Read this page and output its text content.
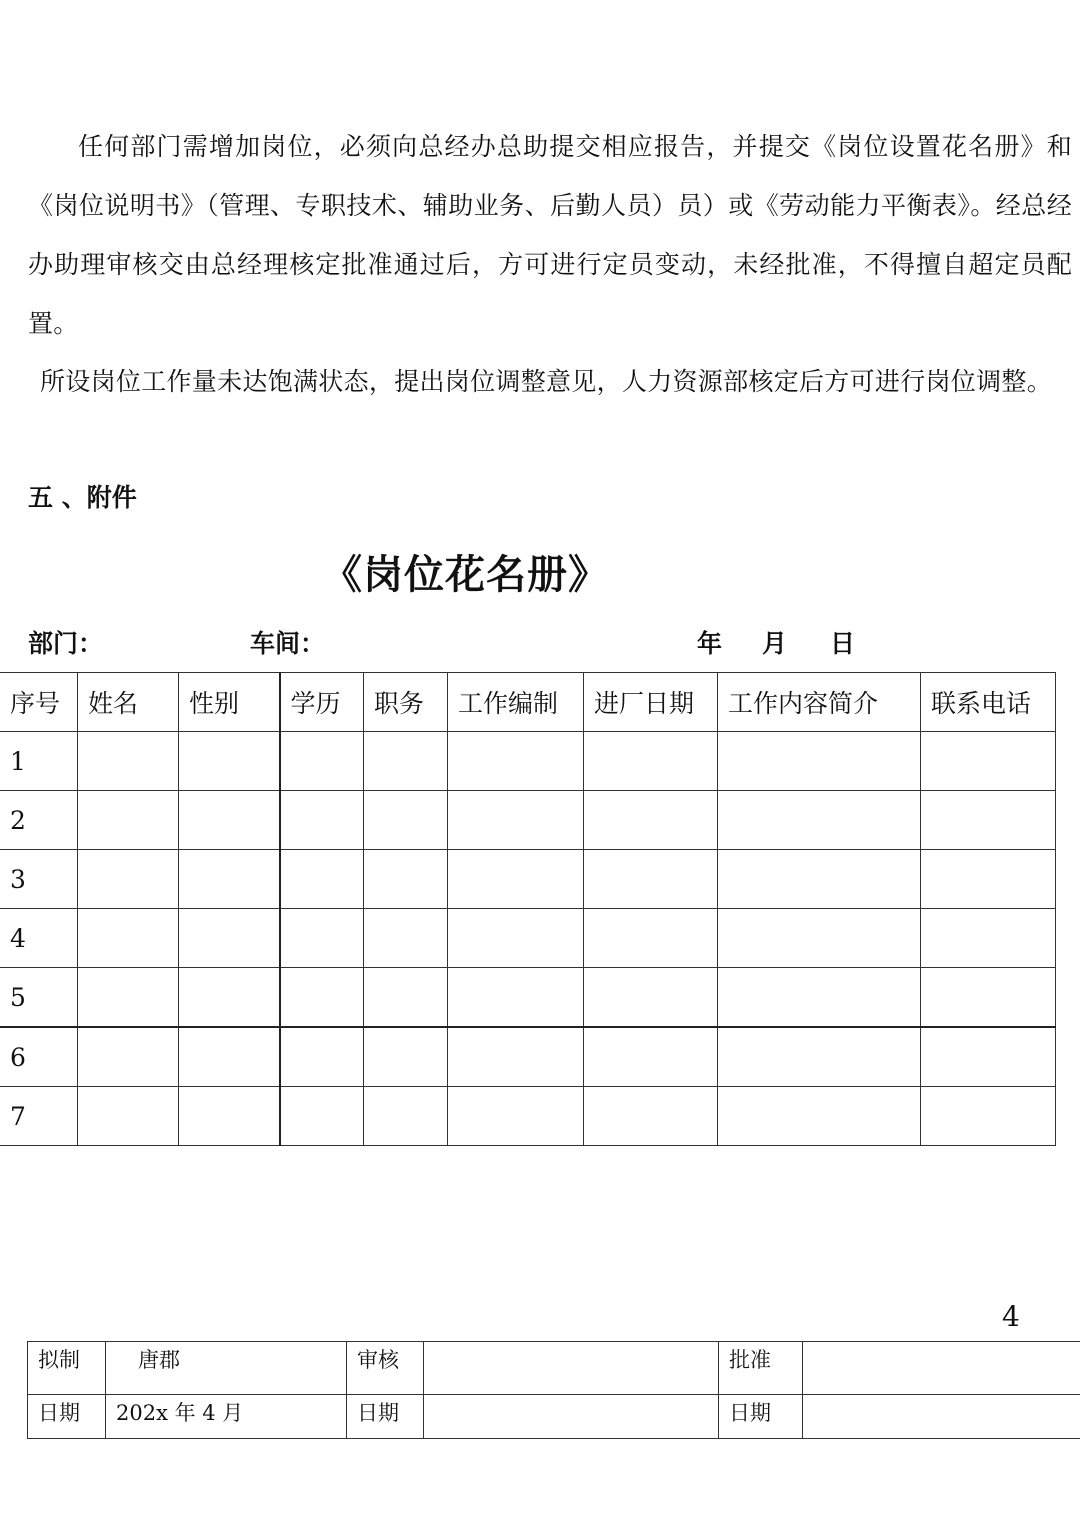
任何部门需增加岗位，必须向总经办总助提交相应报告，并提交《岗位设置花名册》和《岗位说明书》（管理、专职技术、辅助业务、后勤人员）员）或《劳动能力平衡表》。经总经办助理审核交由总经理核定批准通过后，方可进行定员变动，未经批准，不得擅自超定员配置。

所设岗位工作量未达饱满状态，提出岗位调整意见，人力资源部核定后方可进行岗位调整。

五 、附件
《岗位花名册》
部门：	车间：	年 月 日
序号	姓名	性别	学历	职务	工作编制	进厂日期	工作内容简介	联系电话
1								
2								
3								
4								
5								
6								
7								
4
拟制	唐郡	审核		批准	
日期	202x 年 4 月	日期		日期	
